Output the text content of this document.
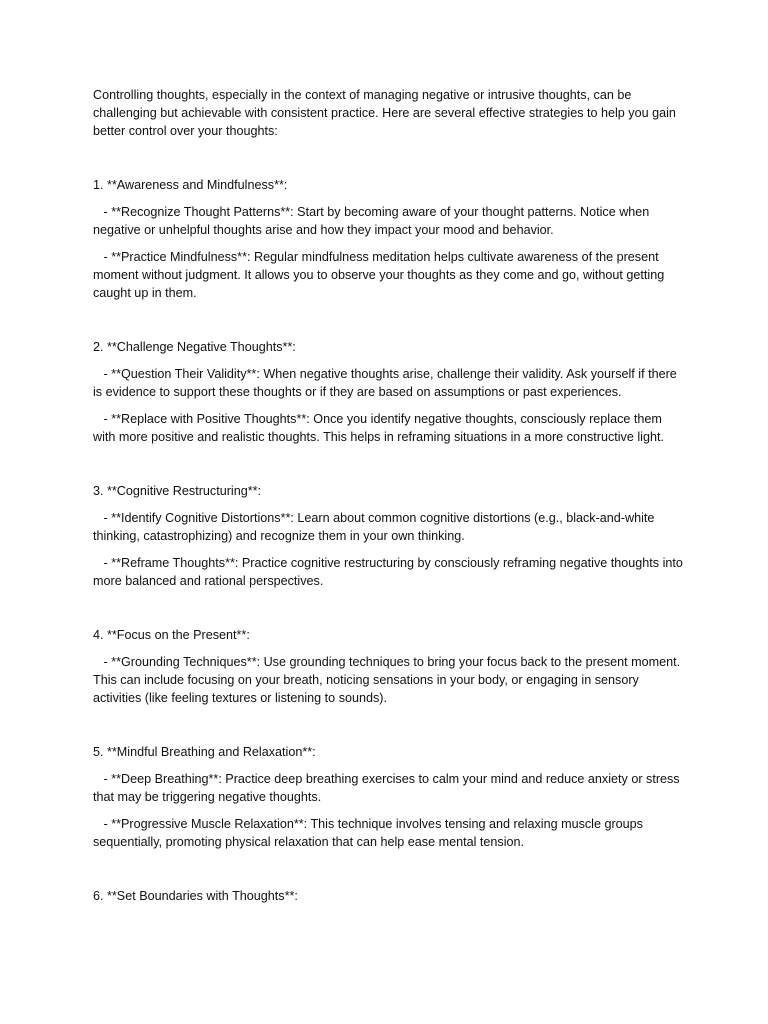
Controlling thoughts, especially in the context of managing negative or intrusive thoughts, can be challenging but achievable with consistent practice. Here are several effective strategies to help you gain better control over your thoughts:

1. **Awareness and Mindfulness**:

- **Recognize Thought Patterns**: Start by becoming aware of your thought patterns. Notice when negative or unhelpful thoughts arise and how they impact your mood and behavior.

- **Practice Mindfulness**: Regular mindfulness meditation helps cultivate awareness of the present moment without judgment. It allows you to observe your thoughts as they come and go, without getting caught up in them.

2. **Challenge Negative Thoughts**:

- **Question Their Validity**: When negative thoughts arise, challenge their validity. Ask yourself if there is evidence to support these thoughts or if they are based on assumptions or past experiences.

- **Replace with Positive Thoughts**: Once you identify negative thoughts, consciously replace them with more positive and realistic thoughts. This helps in reframing situations in a more constructive light.

3. **Cognitive Restructuring**:

- **Identify Cognitive Distortions**: Learn about common cognitive distortions (e.g., black-and-white thinking, catastrophizing) and recognize them in your own thinking.

- **Reframe Thoughts**: Practice cognitive restructuring by consciously reframing negative thoughts into more balanced and rational perspectives.

4. **Focus on the Present**:

- **Grounding Techniques**: Use grounding techniques to bring your focus back to the present moment. This can include focusing on your breath, noticing sensations in your body, or engaging in sensory activities (like feeling textures or listening to sounds).

5. **Mindful Breathing and Relaxation**:

- **Deep Breathing**: Practice deep breathing exercises to calm your mind and reduce anxiety or stress that may be triggering negative thoughts.

- **Progressive Muscle Relaxation**: This technique involves tensing and relaxing muscle groups sequentially, promoting physical relaxation that can help ease mental tension.

6. **Set Boundaries with Thoughts**:
